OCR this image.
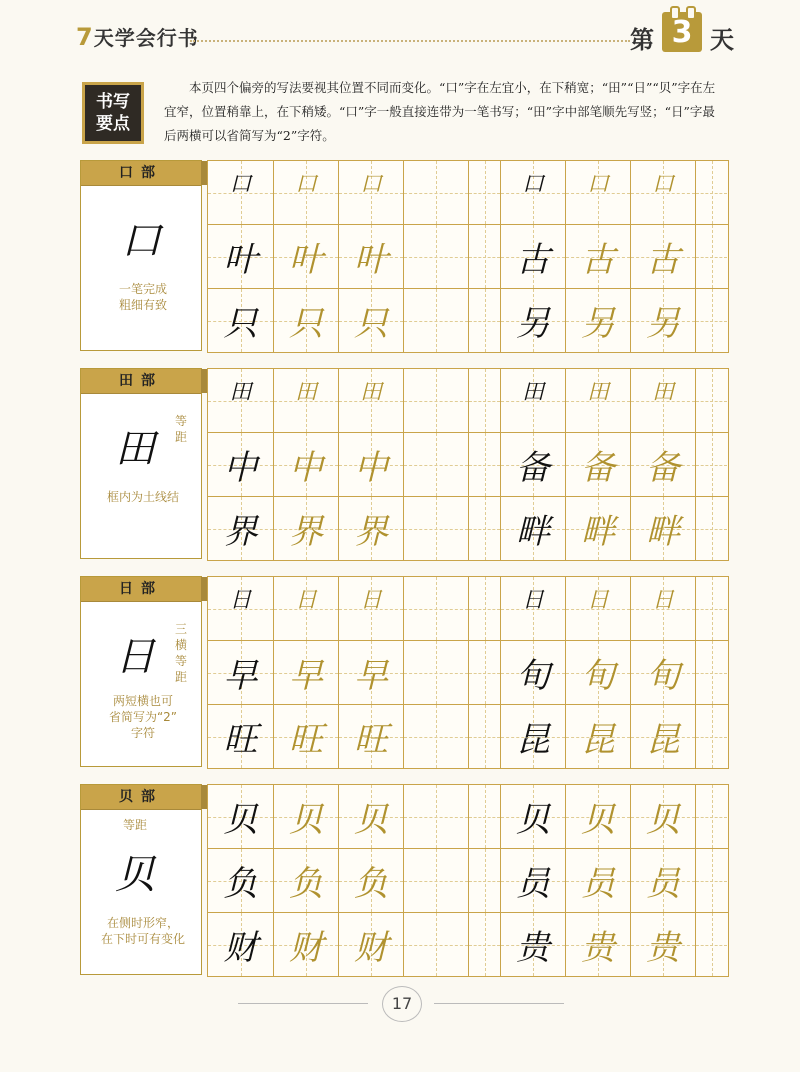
7天学会行书	第 3 天
书写
要点
本页四个偏旁的写法要视其位置不同而变化。“口”字在左宜小，在下稍宽；“田”“日”“贝”字在左宜窄，位置稍靠上，在下稍矮。“口”字一般直接连带为一笔书写；“田”字中部笔顺先写竖；“日”字最后两横可以省简写为“2”字符。
口部
口
一笔完成
粗细有致
口	口	口	口	口	口
叶 叶 叶	古 古 古
只 只 只	另 另 另
田部
田
等
距
框内为土线结
田	田	田	田	田	田
中 中 中	备 备 备
界 界 界	畔 畔 畔
日部
日
三
横
等
距
两短横也可
省简写为“2”
字符
日	日	日	日	日	日
早 早 早	旬 旬 旬
旺 旺 旺	昆 昆 昆
贝部
贝
等距
在侧时形窄，
在下时可有变化
贝 贝 贝	贝 贝 贝
负 负 负	员 员 员
财 财 财	贵 贵 贵
17
